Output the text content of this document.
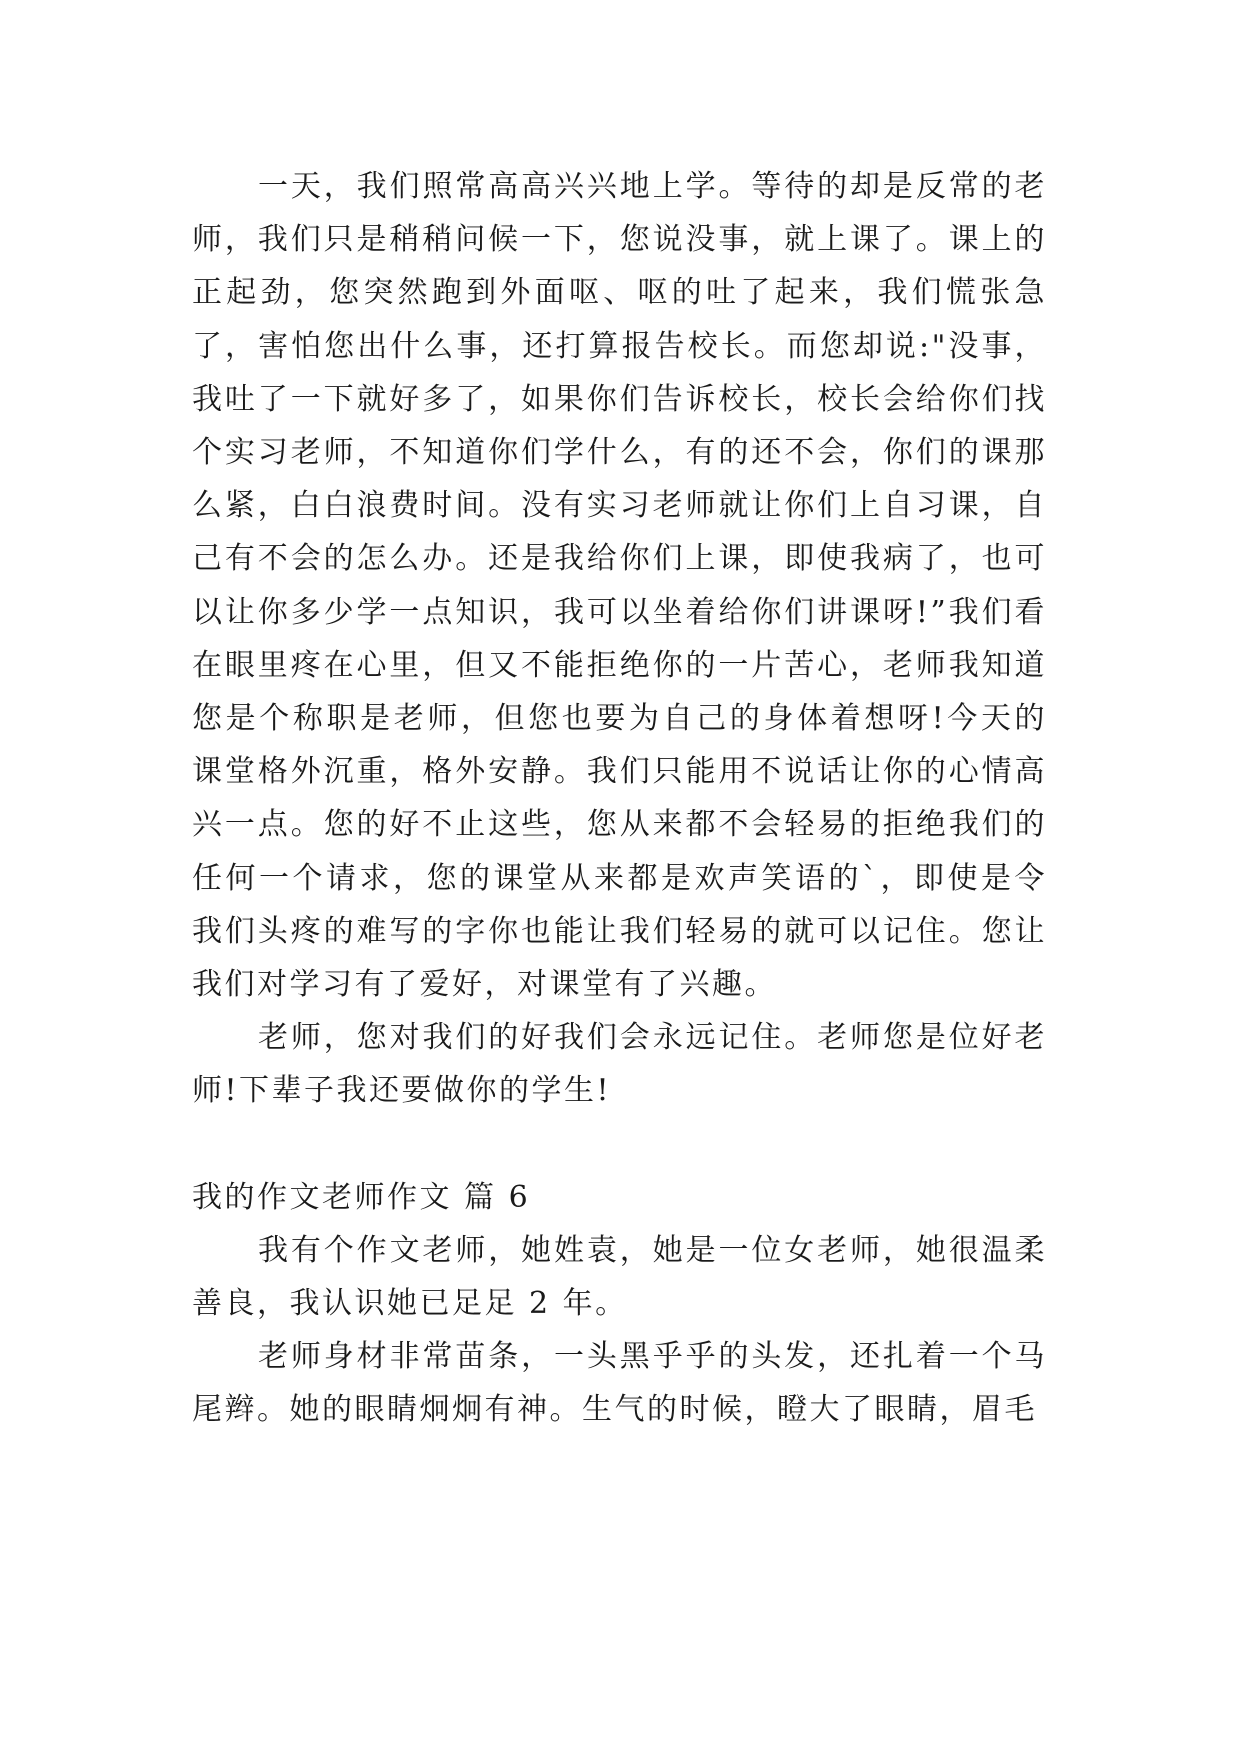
一天，我们照常高高兴兴地上学。等待的却是反常的老师，我们只是稍稍问候一下，您说没事，就上课了。课上的正起劲，您突然跑到外面呕、呕的吐了起来，我们慌张急了，害怕您出什么事，还打算报告校长。而您却说:"没事，我吐了一下就好多了，如果你们告诉校长，校长会给你们找个实习老师，不知道你们学什么，有的还不会，你们的课那么紧，白白浪费时间。没有实习老师就让你们上自习课，自己有不会的怎么办。还是我给你们上课，即使我病了，也可以让你多少学一点知识，我可以坐着给你们讲课呀!”我们看在眼里疼在心里，但又不能拒绝你的一片苦心，老师我知道您是个称职是老师，但您也要为自己的身体着想呀!今天的课堂格外沉重，格外安静。我们只能用不说话让你的心情高兴一点。您的好不止这些，您从来都不会轻易的拒绝我们的任何一个请求，您的课堂从来都是欢声笑语的`，即使是令我们头疼的难写的字你也能让我们轻易的就可以记住。您让我们对学习有了爱好，对课堂有了兴趣。

老师，您对我们的好我们会永远记住。老师您是位好老师!下辈子我还要做你的学生!

我的作文老师作文 篇 6

我有个作文老师，她姓袁，她是一位女老师，她很温柔善良，我认识她已足足 2 年。

老师身材非常苗条，一头黑乎乎的头发，还扎着一个马尾辫。她的眼睛炯炯有神。生气的时候，瞪大了眼睛，眉毛
